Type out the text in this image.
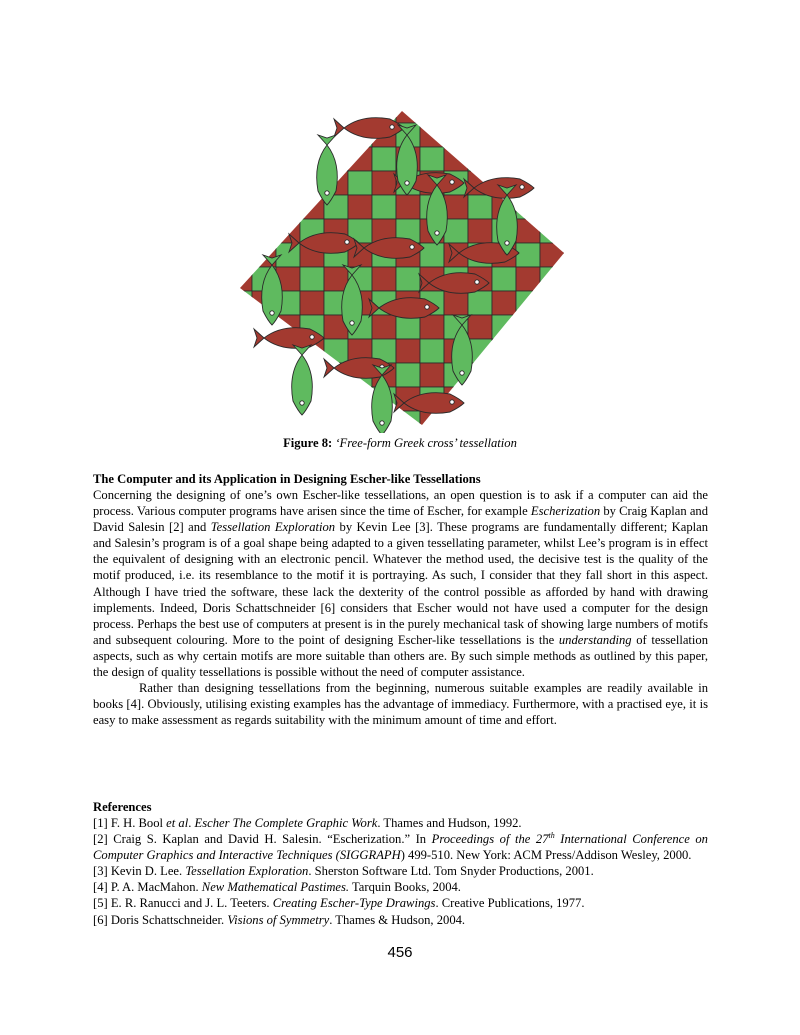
Figure 8: ‘Free-form Greek cross’ tessellation
The Computer and its Application in Designing Escher-like Tessellations

Concerning the designing of one’s own Escher-like tessellations, an open question is to ask if a computer can aid the process. Various computer programs have arisen since the time of Escher, for example Escherization by Craig Kaplan and David Salesin [2] and Tessellation Exploration by Kevin Lee [3]. These programs are fundamentally different; Kaplan and Salesin’s program is of a goal shape being adapted to a given tessellating parameter, whilst Lee’s program is in effect the equivalent of designing with an electronic pencil. Whatever the method used, the decisive test is the quality of the motif produced, i.e. its resemblance to the motif it is portraying. As such, I consider that they fall short in this aspect. Although I have tried the software, these lack the dexterity of the control possible as afforded by hand with drawing implements. Indeed, Doris Schattschneider [6] considers that Escher would not have used a computer for the design process. Perhaps the best use of computers at present is in the purely mechanical task of showing large numbers of motifs and subsequent colouring. More to the point of designing Escher-like tessellations is the understanding of tessellation aspects, such as why certain motifs are more suitable than others are. By such simple methods as outlined by this paper, the design of quality tessellations is possible without the need of computer assistance.

Rather than designing tessellations from the beginning, numerous suitable examples are readily available in books [4]. Obviously, utilising existing examples has the advantage of immediacy. Furthermore, with a practised eye, it is easy to make assessment as regards suitability with the minimum amount of time and effort.

References

[1] F. H. Bool et al. Escher The Complete Graphic Work. Thames and Hudson, 1992.

[2] Craig S. Kaplan and David H. Salesin. “Escherization.” In Proceedings of the 27th International Conference on Computer Graphics and Interactive Techniques (SIGGRAPH) 499-510. New York: ACM Press/Addison Wesley, 2000.

[3] Kevin D. Lee. Tessellation Exploration. Sherston Software Ltd. Tom Snyder Productions, 2001.

[4] P. A. MacMahon. New Mathematical Pastimes. Tarquin Books, 2004.

[5] E. R. Ranucci and J. L. Teeters. Creating Escher-Type Drawings. Creative Publications, 1977.

[6] Doris Schattschneider. Visions of Symmetry. Thames & Hudson, 2004.

456
